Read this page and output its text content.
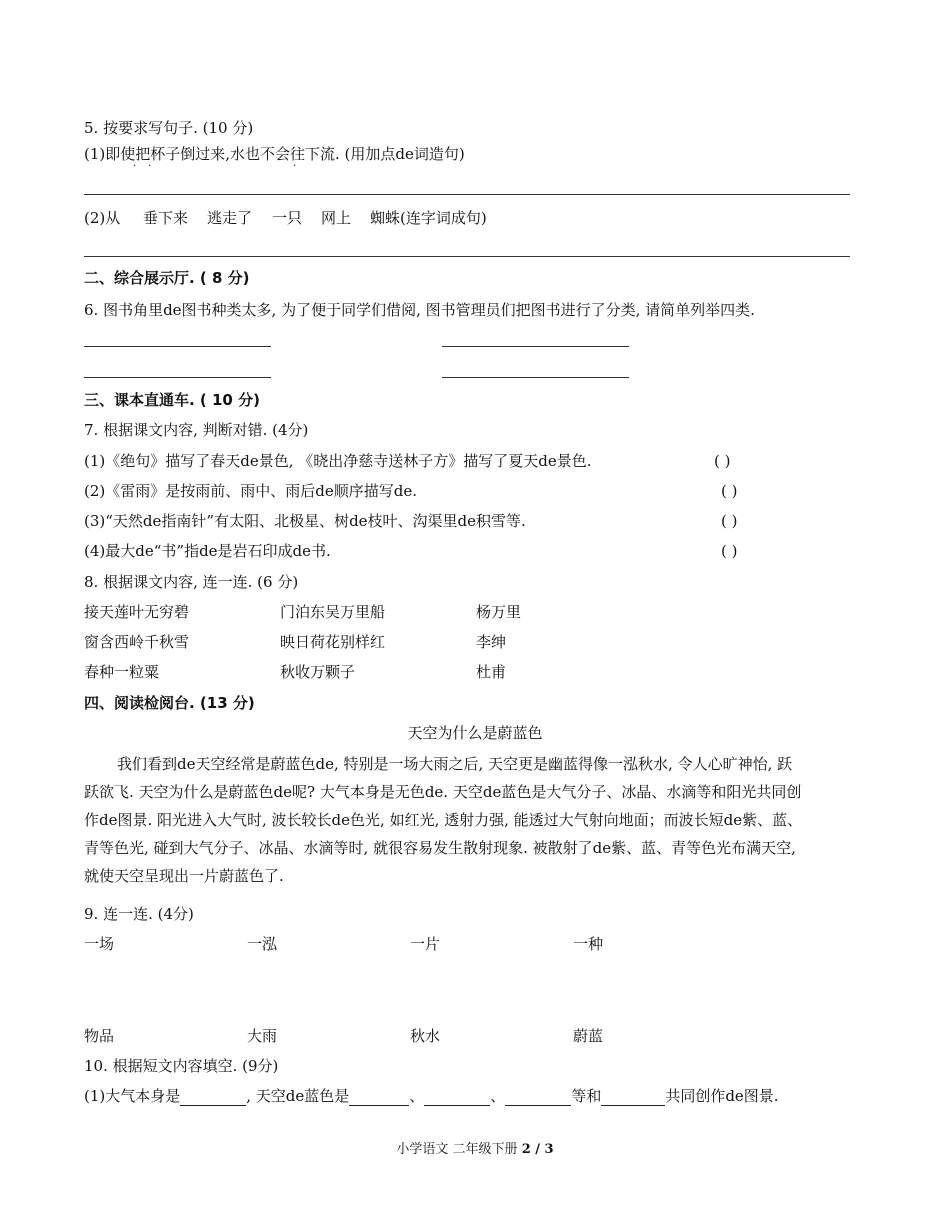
5. 按要求写句子. (10 分)
(1)即使把杯子倒过来,水也不会往下流. (用加点de词造句)
· ·	·
(2)从 垂下来 逃走了 一只 网上 蜘蛛(连字词成句)
二、综合展示厅. ( 8 分)
6. 图书角里de图书种类太多, 为了便于同学们借阅, 图书管理员们把图书进行了分类, 请简单列举四类.
三、课本直通车. ( 10 分)
7. 根据课文内容, 判断对错. (4分)
(1)《绝句》描写了春天de景色, 《晓出净慈寺送林子方》描写了夏天de景色.	( )
(2)《雷雨》是按雨前、雨中、雨后de顺序描写de.	( )
(3)“天然de指南针”有太阳、北极星、树de枝叶、沟渠里de积雪等.	( )
(4)最大de“书”指de是岩石印成de书.	( )
8. 根据课文内容, 连一连. (6 分)
接天莲叶无穷碧	门泊东吴万里船	杨万里
窗含西岭千秋雪	映日荷花别样红	李绅
春种一粒粟	秋收万颗子	杜甫
四、阅读检阅台. (13 分)
天空为什么是蔚蓝色
我们看到de天空经常是蔚蓝色de, 特别是一场大雨之后, 天空更是幽蓝得像一泓秋水, 令人心旷神怡, 跃
跃欲飞. 天空为什么是蔚蓝色de呢? 大气本身是无色de. 天空de蓝色是大气分子、冰晶、水滴等和阳光共同创
作de图景. 阳光进入大气时, 波长较长de色光, 如红光, 透射力强, 能透过大气射向地面；而波长短de紫、蓝、
青等色光, 碰到大气分子、冰晶、水滴等时, 就很容易发生散射现象. 被散射了de紫、蓝、青等色光布满天空,
就使天空呈现出一片蔚蓝色了.
9. 连一连. (4分)
一场	一泓	一片	一种
物品	大雨	秋水	蔚蓝
10. 根据短文内容填空. (9分)
(1)大气本身是	, 天空de蓝色是	、	、	等和	共同创作de图景.
小学语文 二年级下册 2 / 3
